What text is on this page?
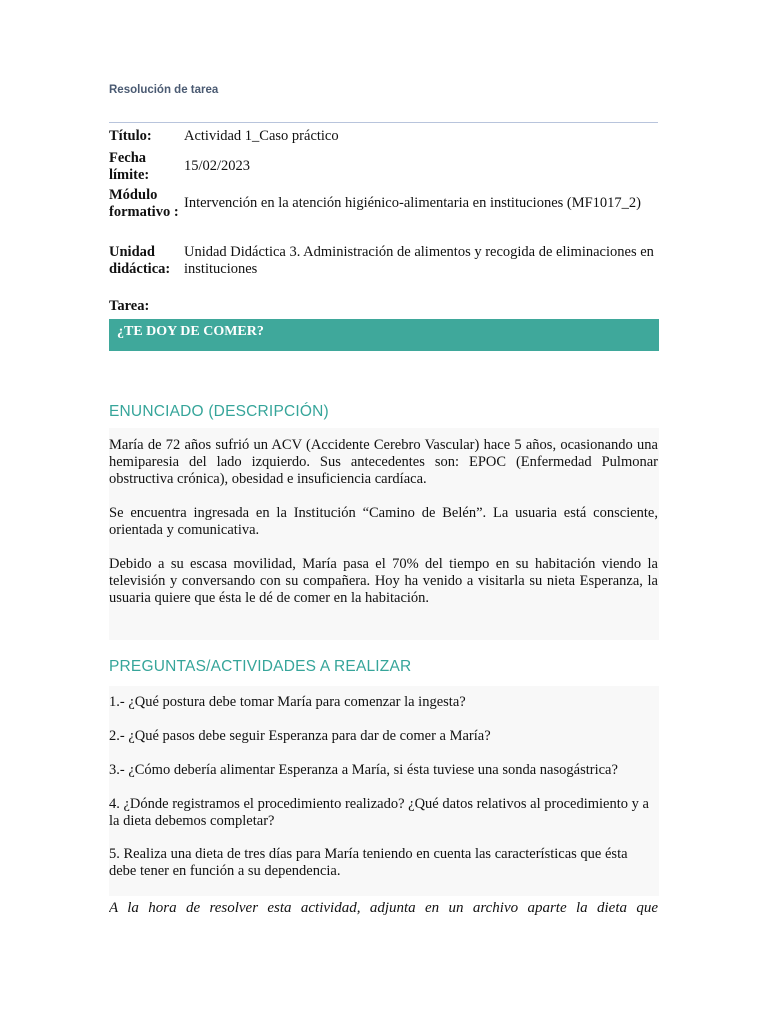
Resolución de tarea
Título:	Actividad 1_Caso práctico
Fecha límite:
15/02/2023
Módulo formativo :
Intervención en la atención higiénico-alimentaria en instituciones (MF1017_2)
Unidad didáctica:
Unidad Didáctica 3. Administración de alimentos y recogida de eliminaciones en instituciones
Tarea:
¿TE DOY DE COMER?
ENUNCIADO (DESCRIPCIÓN)
María de 72 años sufrió un ACV (Accidente Cerebro Vascular) hace 5 años, ocasionando una hemiparesia del lado izquierdo. Sus antecedentes son: EPOC (Enfermedad Pulmonar obstructiva crónica), obesidad e insuficiencia cardíaca.
Se encuentra ingresada en la Institución “Camino de Belén”. La usuaria está consciente, orientada y comunicativa.
Debido a su escasa movilidad, María pasa el 70% del tiempo en su habitación viendo la televisión y conversando con su compañera. Hoy ha venido a visitarla su nieta Esperanza, la usuaria quiere que ésta le dé de comer en la habitación.
PREGUNTAS/ACTIVIDADES A REALIZAR
1.- ¿Qué postura debe tomar María para comenzar la ingesta?
2.- ¿Qué pasos debe seguir Esperanza para dar de comer a María?
3.- ¿Cómo debería alimentar Esperanza a María, si ésta tuviese una sonda nasogástrica?
4. ¿Dónde registramos el procedimiento realizado? ¿Qué datos relativos al procedimiento y a la dieta debemos completar?
5. Realiza una dieta de tres días para María teniendo en cuenta las características que ésta debe tener en función a su dependencia.
A la hora de resolver esta actividad, adjunta en un archivo aparte la dieta que
